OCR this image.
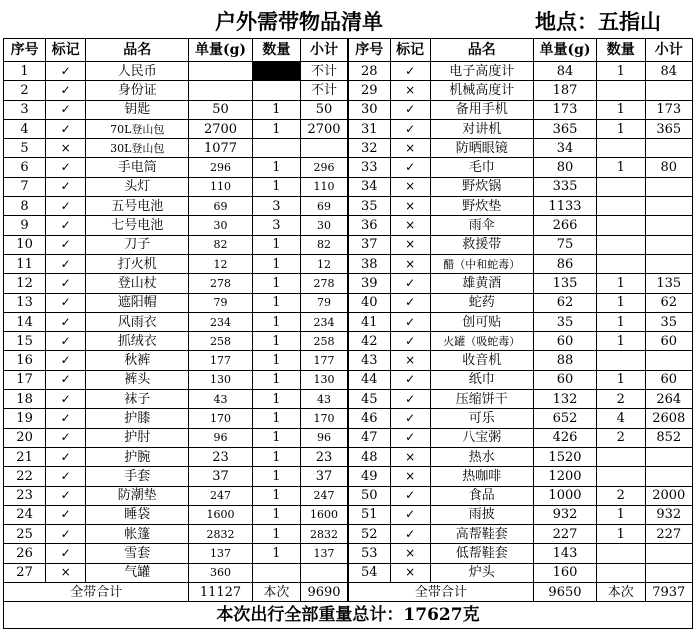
户外需带物品清单	地点：五指山
序号	标记	品名	单量(g)	数量	小计	序号	标记	品名	单量(g)	数量	小计
1	✓	人民币			不计	28	✓	电子高度计	84	1	84
2	✓	身份证			不计	29	×	机械高度计	187		
3	✓	钥匙	50	1	50	30	✓	备用手机	173	1	173
4	✓	70L登山包	2700	1	2700	31	✓	对讲机	365	1	365
5	×	30L登山包	1077			32	×	防晒眼镜	34		
6	✓	手电筒	296	1	296	33	✓	毛巾	80	1	80
7	✓	头灯	110	1	110	34	×	野炊锅	335		
8	✓	五号电池	69	3	69	35	×	野炊垫	1133		
9	✓	七号电池	30	3	30	36	×	雨伞	266		
10	✓	刀子	82	1	82	37	×	救援带	75		
11	✓	打火机	12	1	12	38	×	醋（中和蛇毒）	86		
12	✓	登山杖	278	1	278	39	✓	雄黄酒	135	1	135
13	✓	遮阳帽	79	1	79	40	✓	蛇药	62	1	62
14	✓	风雨衣	234	1	234	41	✓	创可贴	35	1	35
15	✓	抓绒衣	258	1	258	42	✓	火罐（吸蛇毒）	60	1	60
16	✓	秋裤	177	1	177	43	×	收音机	88		
17	✓	裤头	130	1	130	44	✓	纸巾	60	1	60
18	✓	袜子	43	1	43	45	✓	压缩饼干	132	2	264
19	✓	护膝	170	1	170	46	✓	可乐	652	4	2608
20	✓	护肘	96	1	96	47	✓	八宝粥	426	2	852
21	✓	护腕	23	1	23	48	×	热水	1520		
22	✓	手套	37	1	37	49	×	热咖啡	1200		
23	✓	防潮垫	247	1	247	50	✓	食品	1000	2	2000
24	✓	睡袋	1600	1	1600	51	✓	雨披	932	1	932
25	✓	帐篷	2832	1	2832	52	✓	高帮鞋套	227	1	227
26	✓	雪套	137	1	137	53	×	低帮鞋套	143		
27	×	气罐	360			54	×	炉头	160		
全带合计			11127	本次	9690	全带合计			9650	本次	7937
本次出行全部重量总计：17627克											
